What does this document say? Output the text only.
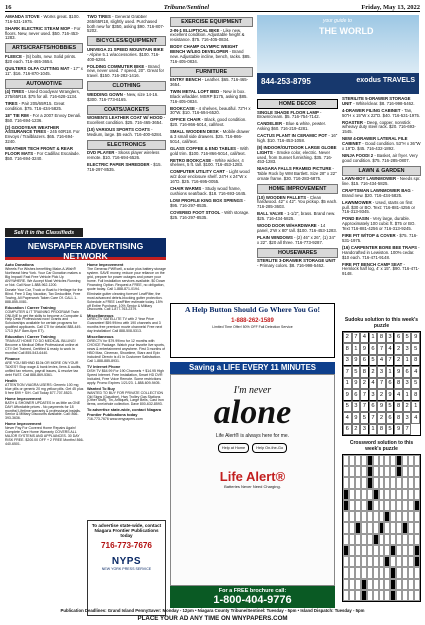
16	Tribune/Sentinel	Friday, May 13, 2022
AMANDA STOVE - Works great. $100. 716-531-1975.
SHARK ELECTRIC STEAM MOP - For floors. New, never used. $50. 716-453-1283.
ARTS/CRAFTS/HOBBIES
FLEECE - (5) bolts, new. Solid prints. $20 each. 716-465-3654.
QUILTERS OLFA CUTTING MAT - 17" x 11". $16. 716-870-1045.
AUTOMOTIVE
(4) TIRES - Used Goodyear Wranglers, 275/65R18. $75 for all. 716-628-1134.
TIRES - Pair 205/65R15. Great condition. $75. 716-434-5825.
18" TIE RIM - For a 2007 Envoy Denali. $50. 716-694-1236.
(2) GOODYEAR WEATHER ASSURANCE TIRES - 245 60R18. For Envoys / Trailblazers. $65. 716-694-3240.
WEATHER TECH FRONT & REAR FLOOR MATS - For Cadillac Escalade. $50. 716-694-3240.
Sell it in the Classifieds
NEWSPAPER ADVERTISING NETWORK
Auto Donations

Wheels For Wishes benefiting Make-A-Wish® Northeast New York. Your Car Donation makes a Big Impact! Fast Free Vehicle Pick Up ANYWHERE. We Accept Most Vehicles Running or Not. Call Now 1-888-962-1200.

Donate Your Car, Truck or Boat to Heritage for the Blind. Free 3 Day Vacation, Tax Deductible, Free Towing, All Paperwork Taken Care Of. CALL 1-888-855-0081.

Education / Career Training

COMPUTER & IT TRAINING PROGRAM! Train ONLINE to get the skills to become a Computer & Help Desk Professional now! Grants and Scholarships available for certain programs for qualified applicants. Call CTI for details! 888-449-1713 (M-F 8am-6pm ET).

Education / Career Training

TRAIN AT HOME TO DO MEDICAL BILLING! Become a Medical Office Professional online at CTI! Get Trained, Certified & ready to work in months! Call 855-543-6440.

Finance

ARE YOU BEHIND $10k OR MORE ON YOUR TAXES? Stop wage & bank levies, liens & audits, unfiled tax returns, payroll issues, & resolve tax debt FAST. Call 888-869-5361.

Health

ATTENTION VIAGRA USERS: Generic 100 mg blue pills or generic 20 mg yellow pills. Get 45 plus 5 free $99 + S/H. Call Today 877-707-5523.

Home Improvement

BATH & SHOWER UPDATES in as little as ONE DAY! Affordable prices - No payments for 18 months! Lifetime warranty & professional installs. Senior & Military Discounts available. Call: 866-393-3636.

Home Improvement

Never Pay For Covered Home Repairs Again! Complete Care Home Warranty COVERS ALL MAJOR SYSTEMS AND APPLIANCES. 30 DAY RISK FREE. $200.00 OFF + 2 FREE Months! 866-440-6501.

Home Improvement

The Generac PWRcell, a solar plus battery storage system. SAVE money, reduce your reliance on the grid, prepare for power outages and power your home. Full installation services available. $0 Down Financing Option. Request a FREE, no obligation, quote today. Call 1-888-871-0194.

Eliminate gutter cleaning forever! LeafFilter, the most advanced debris-blocking gutter protection. Schedule a FREE LeafFilter estimate today. 15% off Entire Purchase. 10% Senior & Military Discounts. Call 1-877-763-2379.

Miscellaneous

DIRECTV SATELLITE TV with 2 Year Price Guarantee! $59.99/mo with 190 channels and 3 months free premium movie channels! Free next day installation! Call 888-508-5313.

Miscellaneous

DIRECTV for $79.99/mo for 12 months with CHOICE Package. Watch your favorite live sports, news & entertainment anywhere. First 3 months of HBO Max, Cinemax, Showtime, Starz and Epix included! Directv is #1 in Customer Satisfaction. Call 1-888-885-8931.

TV Internet Phone

DISH TV $64.99 For 190 Channels + $14.95 High Speed Internet. Free Installation, Smart HD DVR Included, Free Voice Remote. Some restrictions apply. Promo Expires 1/21/23. 1-888-609-9405.

Wanted To Buy

WANTED TO BUY FOR PRIVATE COLLECTION Old Signs (Gasoline), Hwy Trolley Gas Stations (Other Stuff), Tin, Antiques, Large Bells, Cast Iron items, one/whole collection. Dave 800-632-8593.

To advertise state-wide, contact Niagara Frontier Publications today

716-773-7676 www.wnypapers.com

To advertise state-wide, contact Niagara Frontier Publications today
716-773-7676
NYPS
NEW YORK PRESS SERVICE
TWO TIRES - General Grabber 265/65R18, slightly used. Purchased both new for $350, asking $90. 716-807-5202.
BICYCLES/EQUIPMENT
UNIVEGA 21 SPEED MOUNTAIN BIKE - Alpine 5.1 w/accessories. $100. 716-400-6284.
FOLDING COMMUTER BIKE - Brand new, never used. 7 speed, 20". Great for travel. $150. 716-282-1416.
CLOTHING
WEDDING GOWN - New, size 14-16. $300. 716-773-6165.
COATS/JACKETS
WOMEN'S LEATHER COAT W/ HOOD - Excellent condition. $25. 716-465-3654.
(10) VARIOUS SPORTS COATS - Medium, large. $5 each. 716-400-6284.
ELECTRONICS
DVD PLAYER - Skoss player wireless remote. $10. 716-694-6526.
ELECTRIC PAPER SHREDDER - $15. 716-297-8535.
EXERCISE EQUIPMENT
2-IN-1 ELLIPTICAL BIKE - Like new, excellent condition. Adjustable height & resistance. $75. 716-405-0834.
BODY CHAMP OLYMPIC WEIGHT BENCH W/LEG DEVELOPER - Brand new. Adjustable incline, bench, racks. $85. 716-405-0834.
FURNITURE
ENTRY BENCH - Leather. $65. 716-465-3654.
TWIN METAL LOFT BED - New in box. Black w/ladder. MSRP $175, asking $85. 716-405-0834.
BOOKCASE - 4 shelves, beautiful. 72"H x 30"W. $10. 716-694-6520.
OFFICE CHAIR - Black, good condition. $20. 716-866-5014, call/text.
SMALL WOODEN DESK - Mobile drawer & 3 small side drawers. $25. 716-866-5014, call/text.
GLASS COFFEE & END TABLES - With gold trim. $100. 716-866-5014, call/text.
RETRO BOOKCASE - White wicker, 4 shelves, 5 ft. tall. $100. 716-453-1283.
COMPUTER UTILITY CART - Light wood w/2 door enclosure shelf. 24"H x 24"W x 16"D. $25. 716-695-0055.
CHAIR WARMS - Study wood frame, cushions seat/back. $18. 716-693-1645.
LOW PROFILE KING BOX SPRINGS - $95. 716-297-8535.
COVERED FOOT STOOL - With storage. $25. 716-297-8535.
A Help Button Should Go Where You Go!
1-888-262-1589
Limited Time Offer! 50% OFF Fall Detection Service
Saving a LIFE EVERY 11 MINUTES
I'm never
alone
Life Alert® is always here for me.
Help at Home	Help On-the-Go
Life Alert®
Batteries Never Need Charging.
For a FREE brochure call:
1-800-404-9776
your guide to
THE WORLD
844-253-8795	exodus TRAVELS
HOME DECOR
SINGLE SHADE FLOOR LAMP - Brown/cream. $5. 716-754-7142.
CANDELIER - Blue & white, pewter. Asking $60. 716-219-4281.
CACTUS PLANT IN CERAMIC POT - 16" high. $10. 716-453-1058.
(8) INDOOR/OUTDOOR LARGE GLOBE LIGHTS - Smoke color, electric. Never used, from Sunset furnishing. $35. 716-453-1283.
NIAGARA FALLS FRAMED PICTURE - Table Rock by WM Bartlett. Size 28" x 22" ornate frame. $30. 716-283-6875.
HOME IMPROVEMENT
(10) WOODEN PALLETS - Clean hardwood. 42" x 42". You pickup. $5 each. 716-285-3603.
BALL VALVE - 1-1/2", brass. Brand new. $25. 716-434-5825.
WOOD DOOR W/HARDWARE - 14 panel, 2'W x 80" tall. $100. 716-453-1283.
PLAIN WINDOWS - (2) 46" x 26", (1) 34" x 22". $20 all three. 716-773-9287.
HOUSEWARES
STERLITE 3-DRAWER STORAGE UNIT - Primary colors. $8. 716-998-5462.
STERILITE 5-DRAWER STORAGE UNIT - White/clear. $8. 716-998-5462.
4-DRAWER FILING CABINET - Tan, 50"H x 15"W x 22"D. $40. 716-531-1975.
ROASTER - Deep, copper, nonstick w/heavy duty steel rack. $20. 716-693-1545.
NEW 4-DRAWER LATERAL FILE CABINET - Good condition. 53"H x 36"W x 19"D. $45. 716-432-1892.
NINJA FOODI 2 - Basket, air fryer. Very good condition. $75. 716-285-0807.
LAWN & GARDEN
LAWN-BOY LAWNMOWER - Needs spr. line. $15. 716-434-5825.
CRAFTSMAN LAWNMOWER BAG - Brand new. $20. 716-434-5825.
LAWNMOWER - Used, starts on first pull. $30 or BO. Text: 716-881-4256 or 716-313-9345.
POND BASIN - Very large, durable. Approximately 100 cubic ft. $75 or BO. Text 716-881-4256 or 716-313-9245.
FIRE PIT W/TOP & COVER - $75. 716-531-1975.
(16) CARPENTER BORE BEE TRAPS - Handcrafted in Lewiston. 100% cedar. $10 each. 716-471-9148.
FIRE PIT BENCH CAMP SEAT - Hemlock half log, 4' x 15". $90. 716-471-9148.
Sudoku solution to this week's puzzle
2 7 4 1 8 3 6 5 9
8 1 9 6 7 4 2 3 5
3 9 6 5 4 7 2 1 8
7 5 8 2 3 1 9 6 4
1 9 2 4 7 6 8 3 5
9 6 7 3 2 9 4 1 8
5 3 7 6 9 5 8 2 1
4 9 5 7 2 6 8 3 4
6 2 3 1 8 5 9 7
Crossword solution to this week's puzzle
Publication Deadlines: Grand Island PennySaver: Monday - 12pm • Niagara County Tribune/Sentinel: Tuesday - 5pm • Island Dispatch: Tuesday - 5pm
PLACE YOUR AD ANY TIME ON WNYPAPERS.COM
